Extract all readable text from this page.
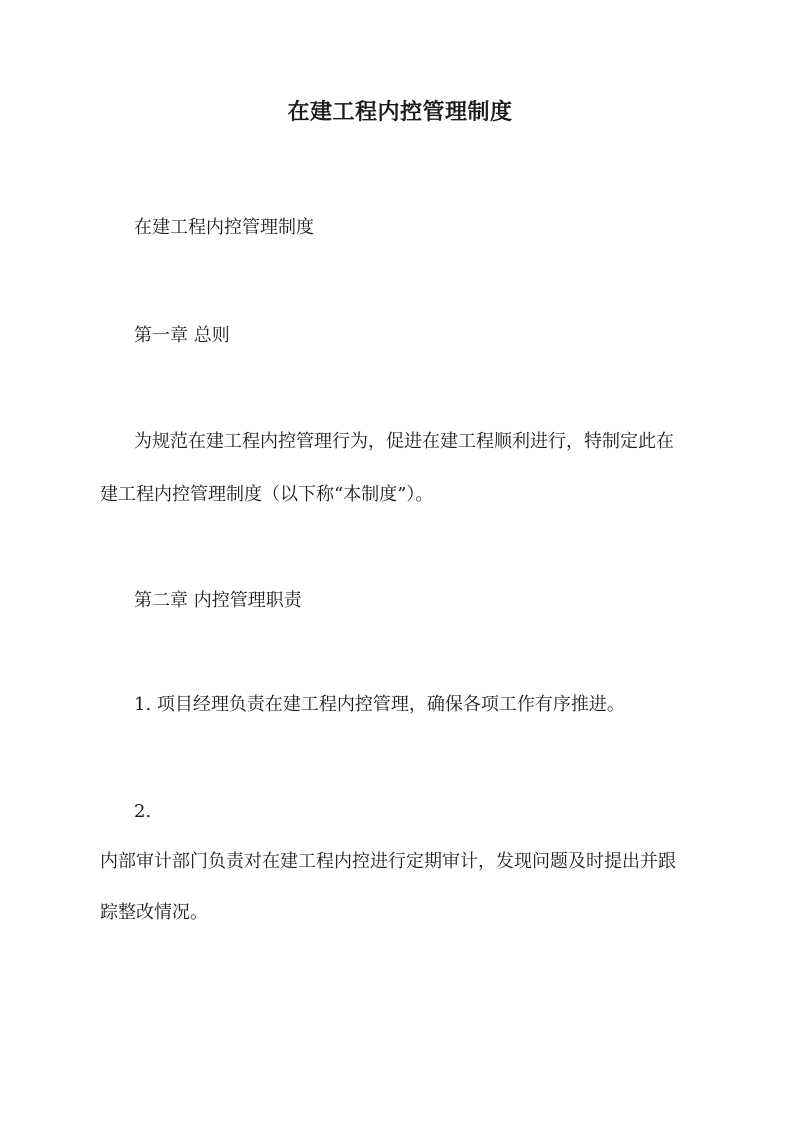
在建工程内控管理制度
在建工程内控管理制度
第一章 总则
为规范在建工程内控管理行为，促进在建工程顺利进行，特制定此在
建工程内控管理制度（以下称“本制度”）。
第二章 内控管理职责
1. 项目经理负责在建工程内控管理，确保各项工作有序推进。
2.
内部审计部门负责对在建工程内控进行定期审计，发现问题及时提出并跟
踪整改情况。
